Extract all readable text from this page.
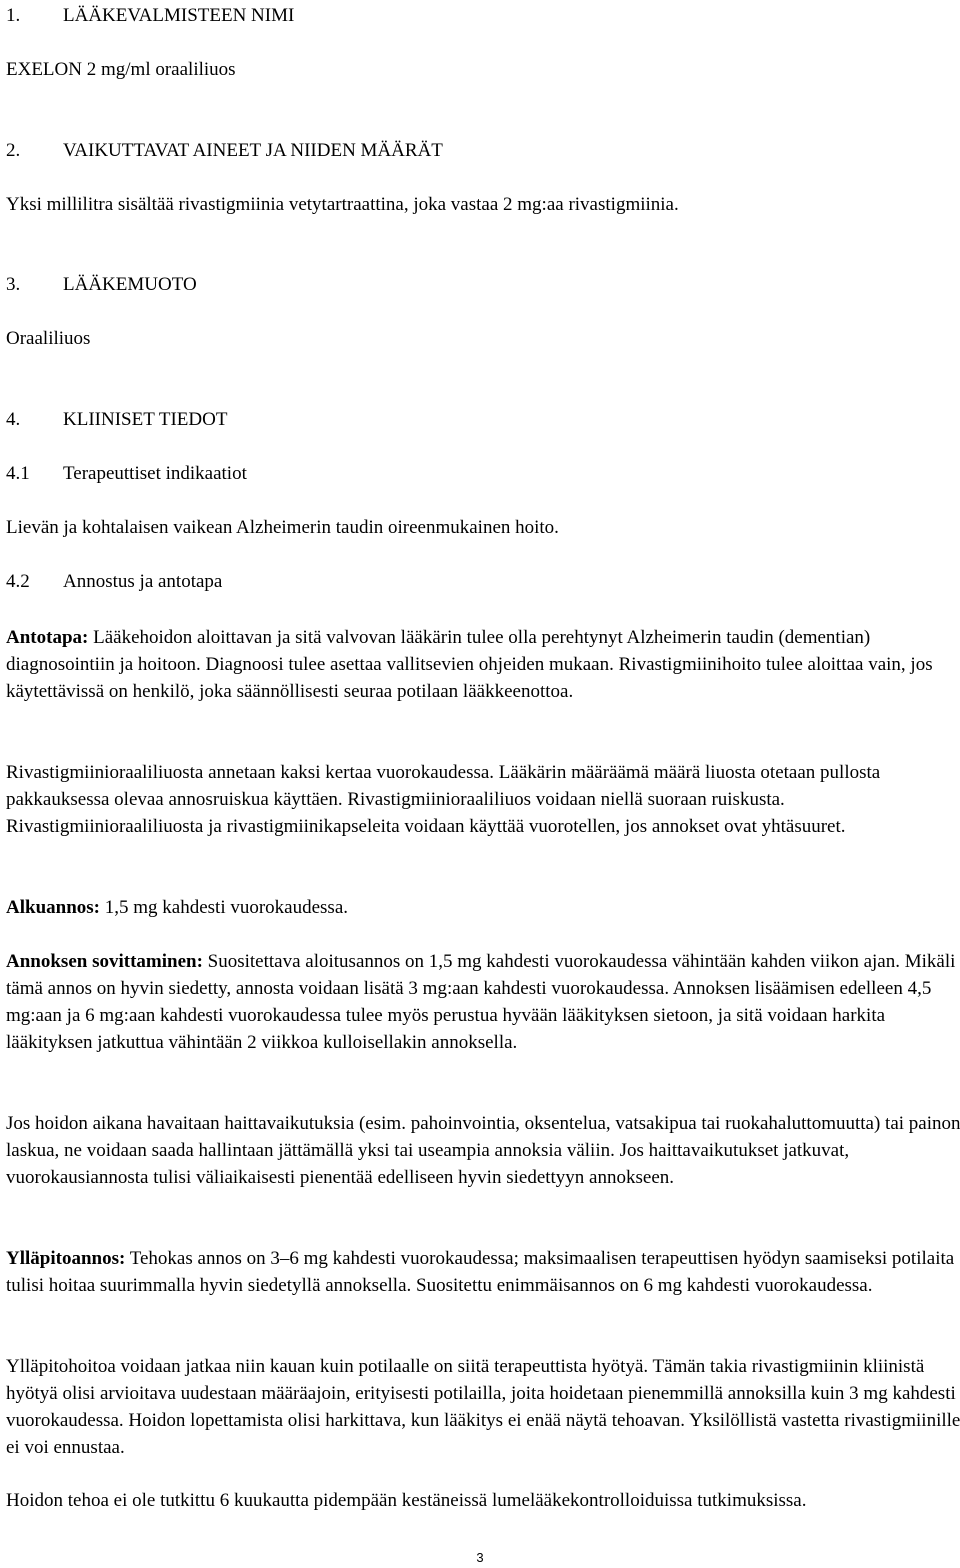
1. LÄÄKEVALMISTEEN NIMI
EXELON 2 mg/ml oraaliliuos
2. VAIKUTTAVAT AINEET JA NIIDEN MÄÄRÄT
Yksi millilitra sisältää rivastigmiinia vetytartraattina, joka vastaa 2 mg:aa rivastigmiinia.
3. LÄÄKEMUOTO
Oraaliliuos
4. KLIINISET TIEDOT
4.1 Terapeuttiset indikaatiot
Lievän ja kohtalaisen vaikean Alzheimerin taudin oireenmukainen hoito.
4.2 Annostus ja antotapa

Antotapa: Lääkehoidon aloittavan ja sitä valvovan lääkärin tulee olla perehtynyt Alzheimerin taudin (dementian) diagnosointiin ja hoitoon. Diagnoosi tulee asettaa vallitsevien ohjeiden mukaan. Rivastigmiinihoito tulee aloittaa vain, jos käytettävissä on henkilö, joka säännöllisesti seuraa potilaan lääkkeenottoa.

Rivastigmiinioraaliliuosta annetaan kaksi kertaa vuorokaudessa. Lääkärin määräämä määrä liuosta otetaan pullosta pakkauksessa olevaa annosruiskua käyttäen. Rivastigmiinioraaliliuos voidaan niellä suoraan ruiskusta. Rivastigmiinioraaliliuosta ja rivastigmiinikapseleita voidaan käyttää vuorotellen, jos annokset ovat yhtäsuuret.

Alkuannos: 1,5 mg kahdesti vuorokaudessa.

Annoksen sovittaminen: Suositettava aloitusannos on 1,5 mg kahdesti vuorokaudessa vähintään kahden viikon ajan. Mikäli tämä annos on hyvin siedetty, annosta voidaan lisätä 3 mg:aan kahdesti vuorokaudessa. Annoksen lisäämisen edelleen 4,5 mg:aan ja 6 mg:aan kahdesti vuorokaudessa tulee myös perustua hyvään lääkityksen sietoon, ja sitä voidaan harkita lääkityksen jatkuttua vähintään 2 viikkoa kulloisellakin annoksella.

Jos hoidon aikana havaitaan haittavaikutuksia (esim. pahoinvointia, oksentelua, vatsakipua tai ruokahaluttomuutta) tai painon laskua, ne voidaan saada hallintaan jättämällä yksi tai useampia annoksia väliin. Jos haittavaikutukset jatkuvat, vuorokausiannosta tulisi väliaikaisesti pienentää edelliseen hyvin siedettyyn annokseen.

Ylläpitoannos: Tehokas annos on 3–6 mg kahdesti vuorokaudessa; maksimaalisen terapeuttisen hyödyn saamiseksi potilaita tulisi hoitaa suurimmalla hyvin siedetyllä annoksella. Suositettu enimmäisannos on 6 mg kahdesti vuorokaudessa.

Ylläpitohoitoa voidaan jatkaa niin kauan kuin potilaalle on siitä terapeuttista hyötyä. Tämän takia rivastigmiinin kliinistä hyötyä olisi arvioitava uudestaan määräajoin, erityisesti potilailla, joita hoidetaan pienemmillä annoksilla kuin 3 mg kahdesti vuorokaudessa. Hoidon lopettamista olisi harkittava, kun lääkitys ei enää näytä tehoavan. Yksilöllistä vastetta rivastigmiinille ei voi ennustaa.

Hoidon tehoa ei ole tutkittu 6 kuukautta pidempään kestäneissä lumelääkekontrolloiduissa tutkimuksissa.

3
